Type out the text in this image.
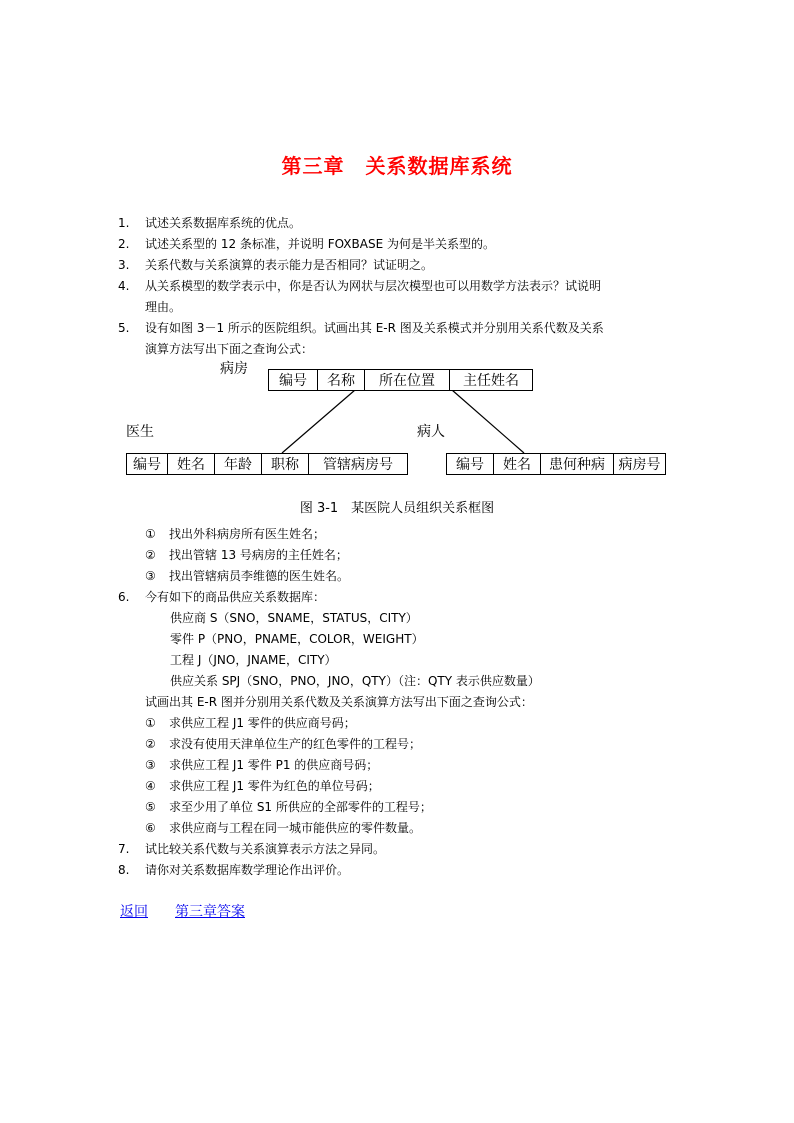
第三章　关系数据库系统
1. 试述关系数据库系统的优点。
2. 试述关系型的 12 条标准，并说明 FOXBASE 为何是半关系型的。
3. 关系代数与关系演算的表示能力是否相同？试证明之。
4. 从关系模型的数学表示中，你是否认为网状与层次模型也可以用数学方法表示？试说明
理由。
5. 设有如图 3－1 所示的医院组织。试画出其 E-R 图及关系模式并分别用关系代数及关系
演算方法写出下面之查询公式：
病房
编号	名称	所在位置	主任姓名
医生
编号	姓名	年龄	职称	管辖病房号
病人
编号	姓名	患何种病 病房号
图 3-1　某医院人员组织关系框图
① 找出外科病房所有医生姓名；
② 找出管辖 13 号病房的主任姓名；
③ 找出管辖病员李维德的医生姓名。
6. 今有如下的商品供应关系数据库：
供应商 S（SNO，SNAME，STATUS，CITY）
零件 P（PNO，PNAME，COLOR，WEIGHT）
工程 J（JNO，JNAME，CITY）
供应关系 SPJ（SNO，PNO，JNO，QTY）（注：QTY 表示供应数量）
试画出其 E-R 图并分别用关系代数及关系演算方法写出下面之查询公式：
① 求供应工程 J1 零件的供应商号码；
② 求没有使用天津单位生产的红色零件的工程号；
③ 求供应工程 J1 零件 P1 的供应商号码；
④ 求供应工程 J1 零件为红色的单位号码；
⑤ 求至少用了单位 S1 所供应的全部零件的工程号；
⑥ 求供应商与工程在同一城市能供应的零件数量。
7. 试比较关系代数与关系演算表示方法之异同。
8. 请你对关系数据库数学理论作出评价。
返回 第三章答案
